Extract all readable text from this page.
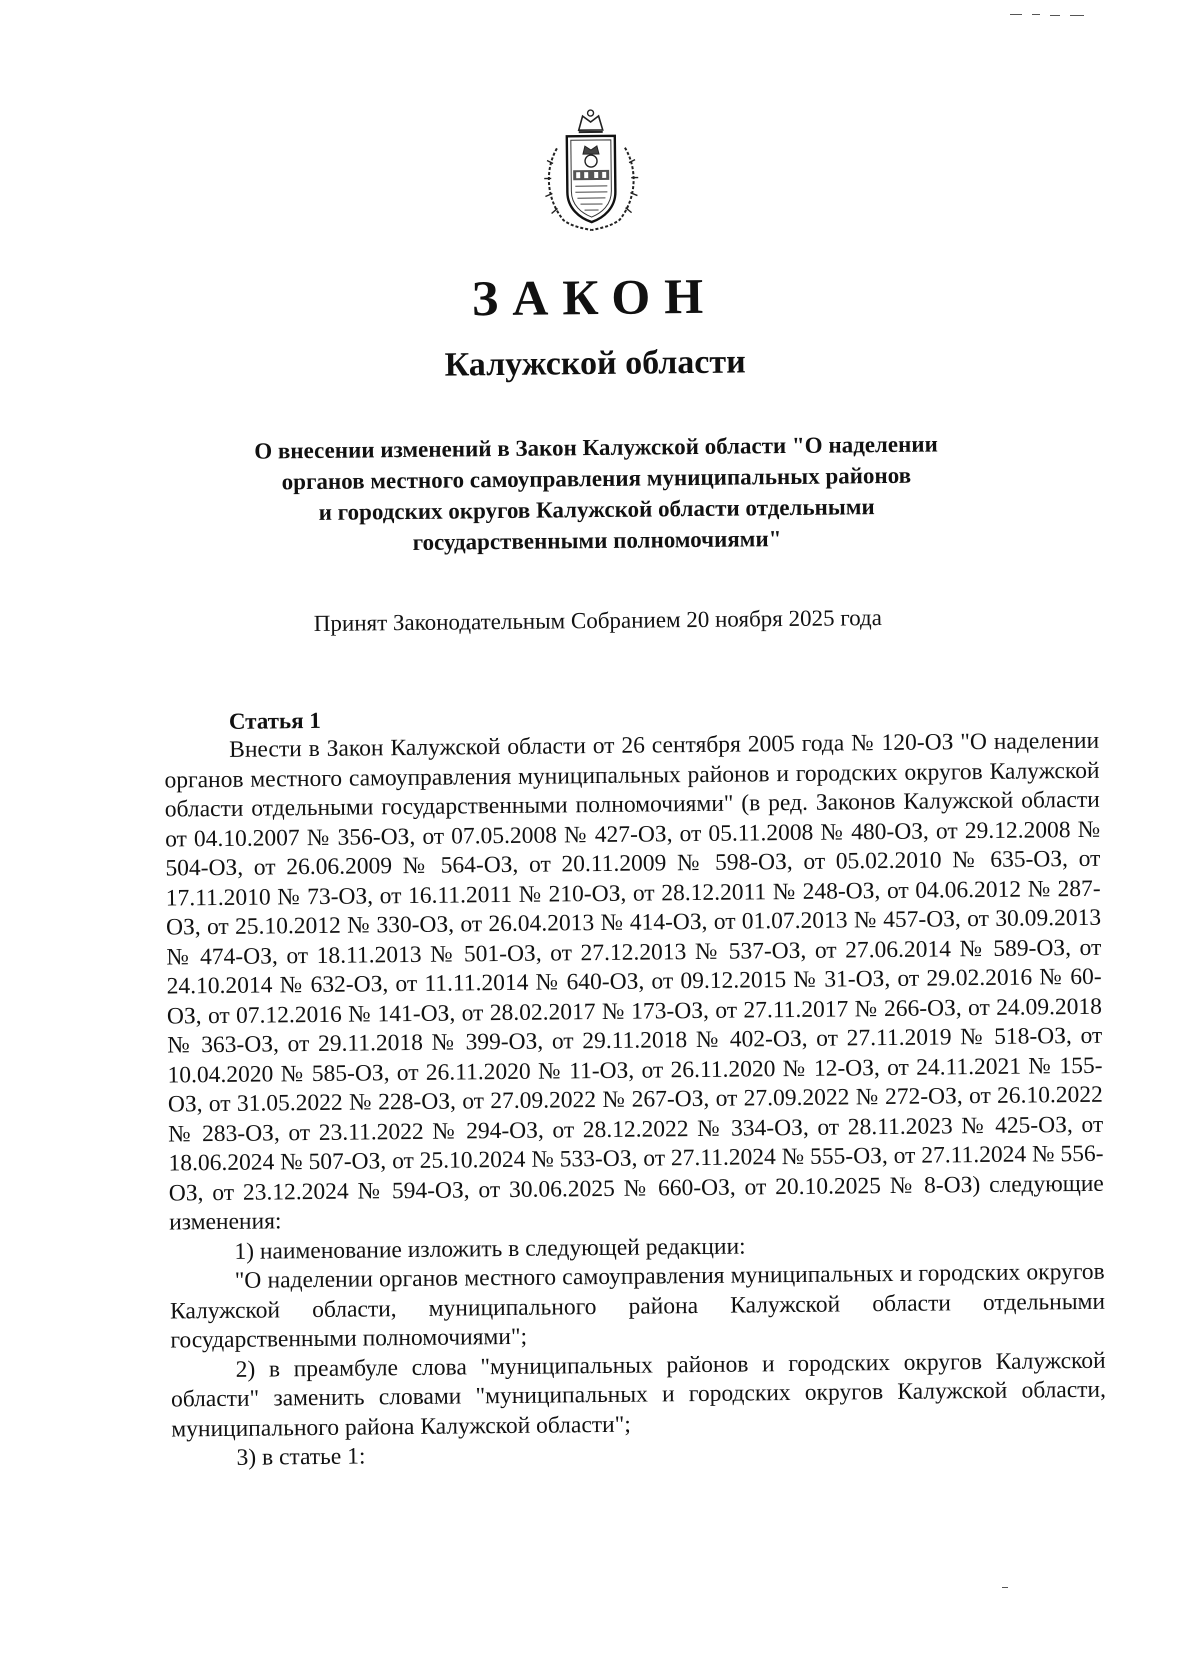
ЗАКОН
Калужской области
О внесении изменений в Закон Калужской области "О наделении
органов местного самоуправления муниципальных районов
и городских округов Калужской области отдельными
государственными полномочиями"
Принят Законодательным Собранием 20 ноября 2025 года
Статья 1

Внести в Закон Калужской области от 26 сентября 2005 года № 120-ОЗ "О наделении органов местного самоуправления муниципальных районов и городских округов Калужской области отдельными государственными полномочиями" (в ред. Законов Калужской области от 04.10.2007 № 356-ОЗ, от 07.05.2008 № 427-ОЗ, от 05.11.2008 № 480-ОЗ, от 29.12.2008 № 504-ОЗ, от 26.06.2009 № 564-ОЗ, от 20.11.2009 № 598-ОЗ, от 05.02.2010 № 635-ОЗ, от 17.11.2010 № 73-ОЗ, от 16.11.2011 № 210-ОЗ, от 28.12.2011 № 248-ОЗ, от 04.06.2012 № 287-ОЗ, от 25.10.2012 № 330-ОЗ, от 26.04.2013 № 414-ОЗ, от 01.07.2013 № 457-ОЗ, от 30.09.2013 № 474-ОЗ, от 18.11.2013 № 501-ОЗ, от 27.12.2013 № 537-ОЗ, от 27.06.2014 № 589-ОЗ, от 24.10.2014 № 632-ОЗ, от 11.11.2014 № 640-ОЗ, от 09.12.2015 № 31-ОЗ, от 29.02.2016 № 60-ОЗ, от 07.12.2016 № 141-ОЗ, от 28.02.2017 № 173-ОЗ, от 27.11.2017 № 266-ОЗ, от 24.09.2018 № 363-ОЗ, от 29.11.2018 № 399-ОЗ, от 29.11.2018 № 402-ОЗ, от 27.11.2019 № 518-ОЗ, от 10.04.2020 № 585-ОЗ, от 26.11.2020 № 11-ОЗ, от 26.11.2020 № 12-ОЗ, от 24.11.2021 № 155-ОЗ, от 31.05.2022 № 228-ОЗ, от 27.09.2022 № 267-ОЗ, от 27.09.2022 № 272-ОЗ, от 26.10.2022 № 283-ОЗ, от 23.11.2022 № 294-ОЗ, от 28.12.2022 № 334-ОЗ, от 28.11.2023 № 425-ОЗ, от 18.06.2024 № 507-ОЗ, от 25.10.2024 № 533-ОЗ, от 27.11.2024 № 555-ОЗ, от 27.11.2024 № 556-ОЗ, от 23.12.2024 № 594-ОЗ, от 30.06.2025 № 660-ОЗ, от 20.10.2025 № 8-ОЗ) следующие изменения:

1) наименование изложить в следующей редакции:

"О наделении органов местного самоуправления муниципальных и городских округов Калужской области, муниципального района Калужской области отдельными государственными полномочиями";

2) в преамбуле слова "муниципальных районов и городских округов Калужской области" заменить словами "муниципальных и городских округов Калужской области, муниципального района Калужской области";

3) в статье 1:
